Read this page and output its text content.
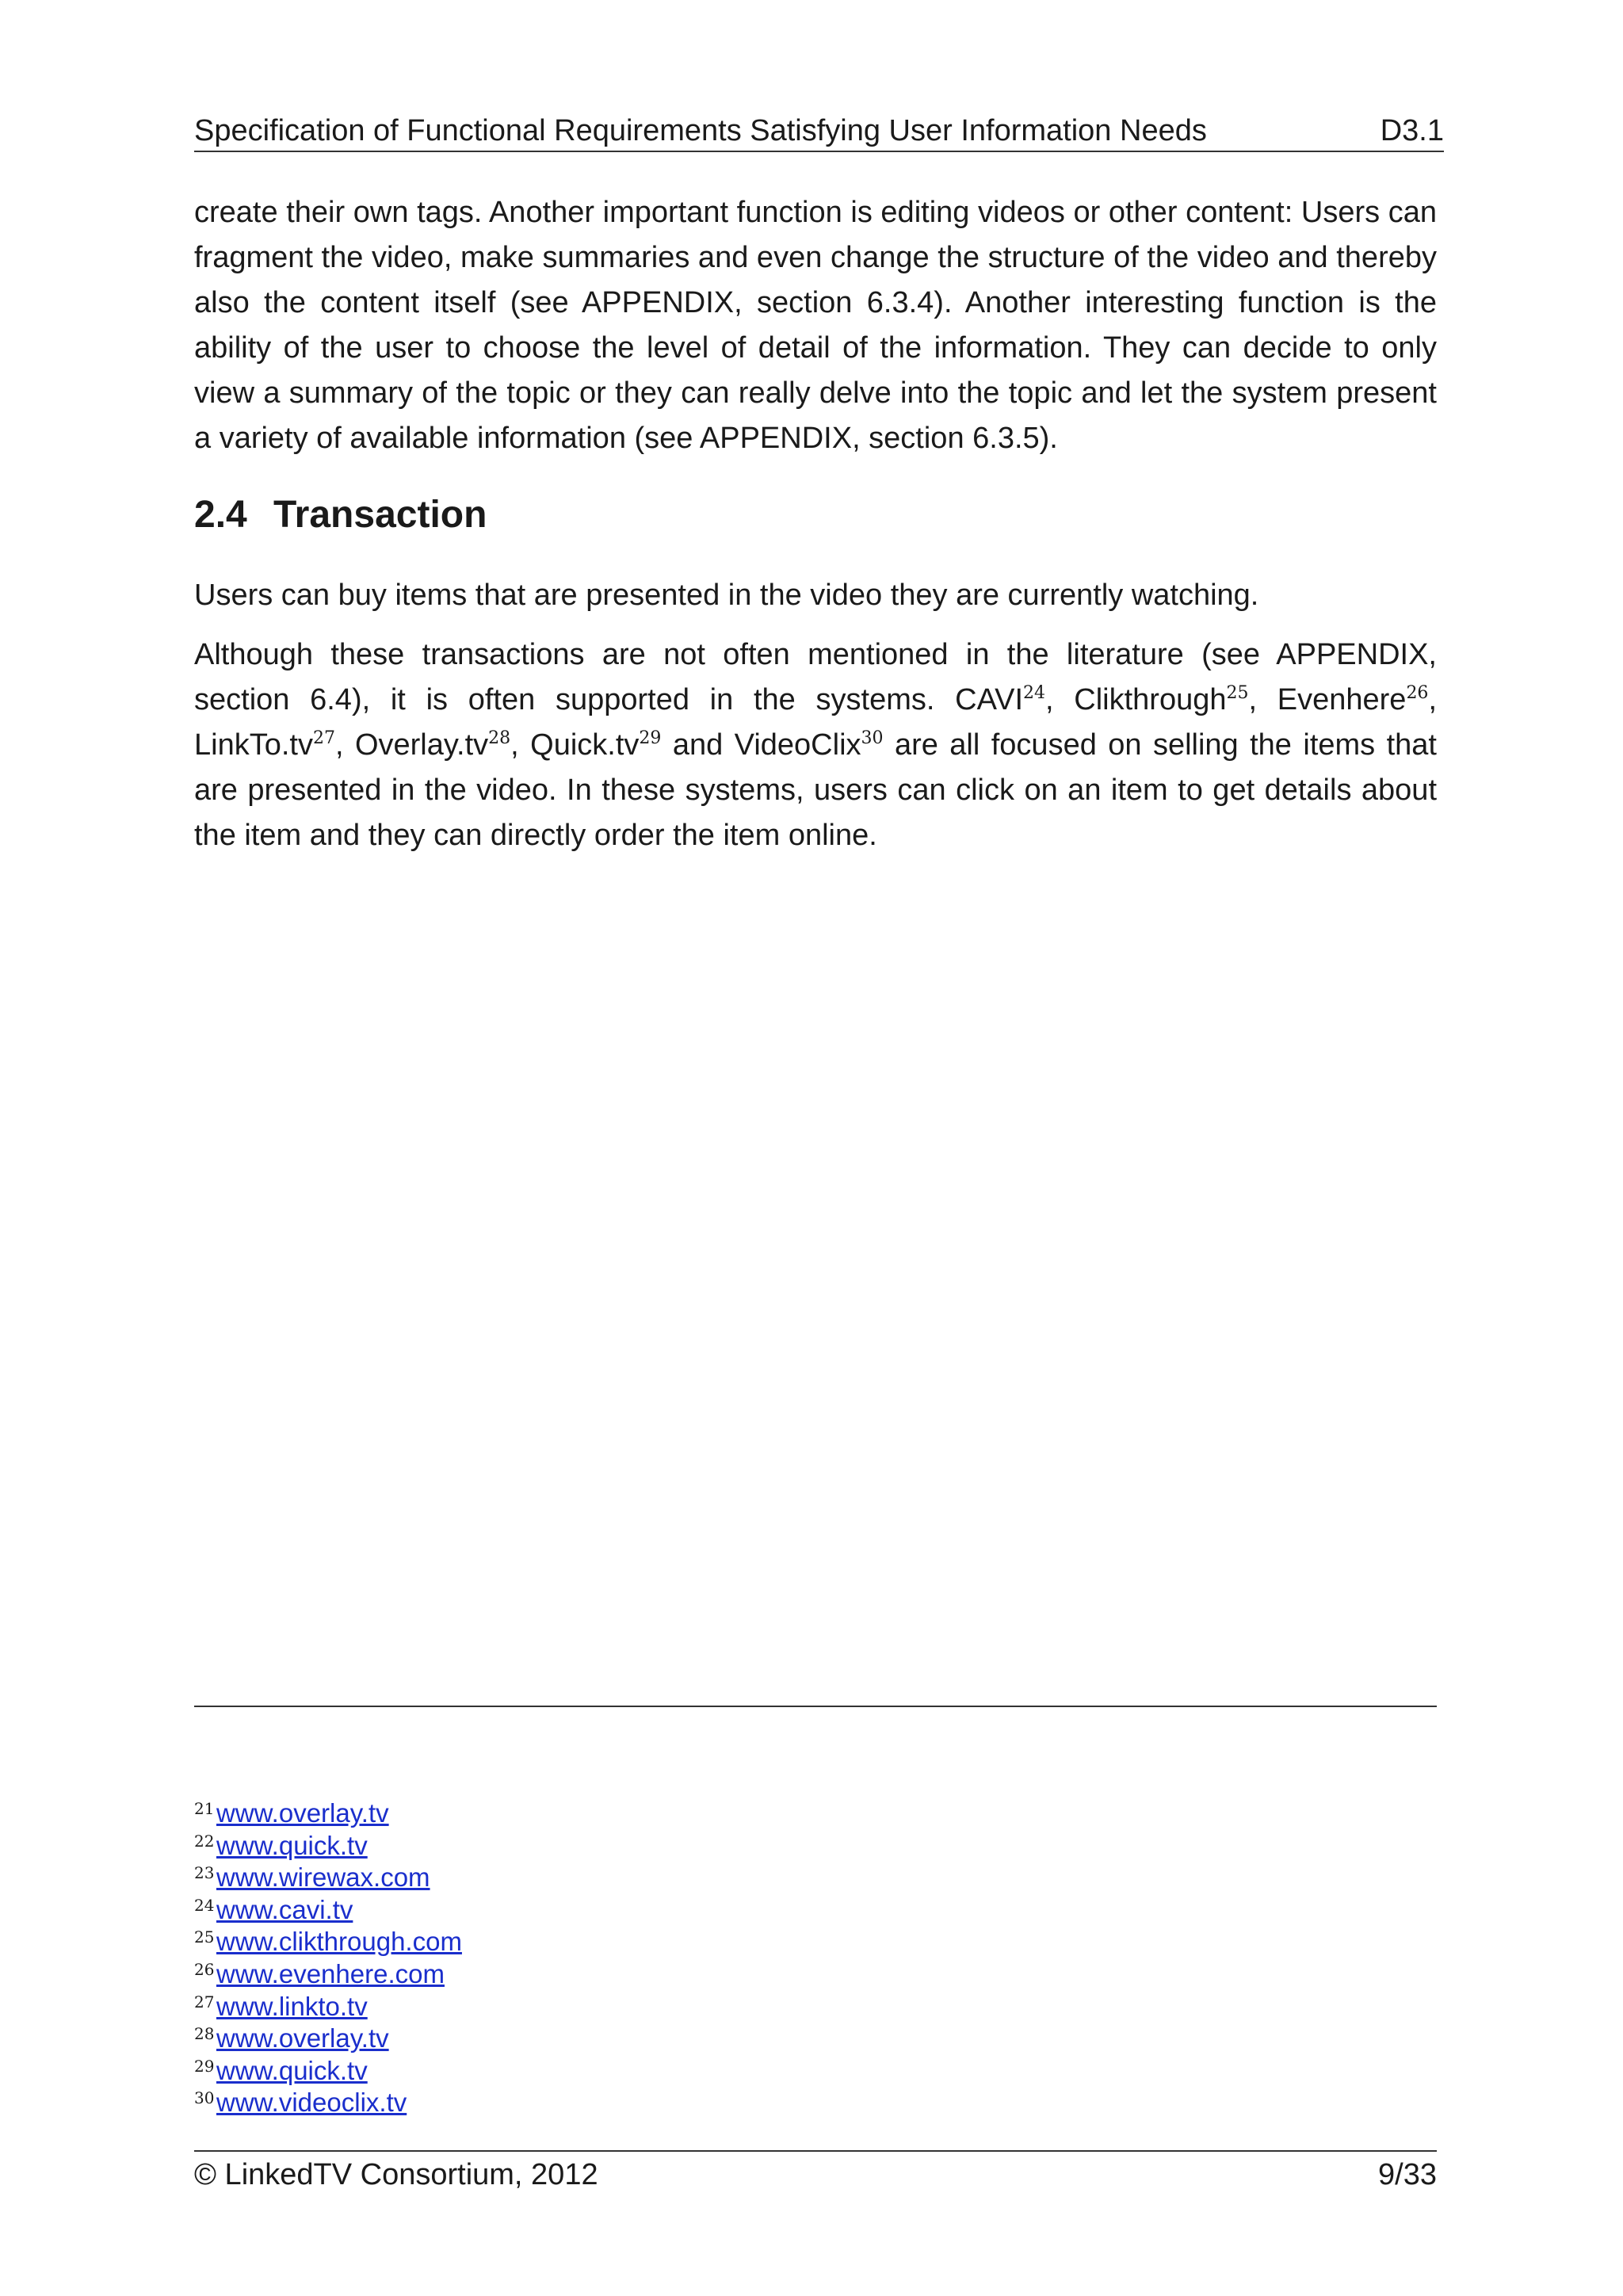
Specification of Functional Requirements Satisfying User Information Needs	D3.1

create their own tags. Another important function is editing videos or other content: Users can fragment the video, make summaries and even change the structure of the video and thereby also the content itself (see APPENDIX, section 6.3.4). Another interesting function is the ability of the user to choose the level of detail of the information. They can decide to only view a summary of the topic or they can really delve into the topic and let the system present a variety of available information (see APPENDIX, section 6.3.5).

2.4 Transaction

Users can buy items that are presented in the video they are currently watching.

Although these transactions are not often mentioned in the literature (see APPENDIX, section 6.4), it is often supported in the systems. CAVI$^{24}$, Clikthrough$^{25}$, Evenhere$^{26}$, $LinkTo.tv^{27}$, $Overlay.tv^{28}$, $Quick.tv^{29}$ and VideoClix$^{30}$ are all focused on selling the items that are presented in the video. In these systems, users can click on an item to get details about the item and they can directly order the item online.

21www.overlay.tv
22www.quick.tv
23www.wirewax.com
24www.cavi.tv
25www.clikthrough.com
26www.evenhere.com
27www.linkto.tv
28www.overlay.tv
29www.quick.tv
30www.videoclix.tv
© LinkedTV Consortium, 2012	9/33
